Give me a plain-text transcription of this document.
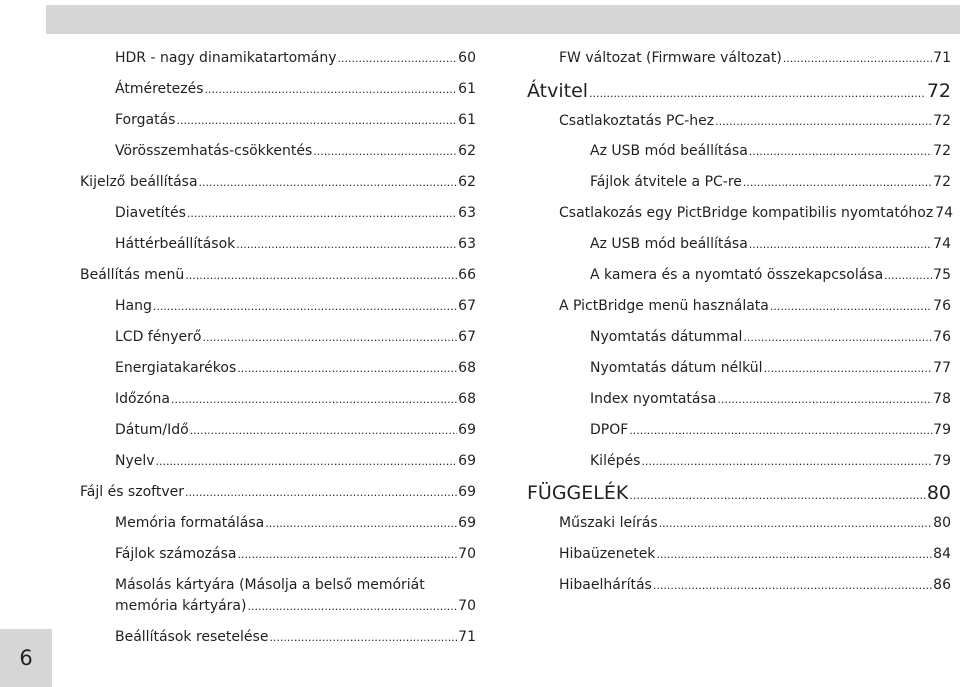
HDR - nagy dinamikatartomány .....	60
Átméretezés .....	61
Forgatás .....	61
Vörösszemhatás-csökkentés .....	62
Kijelző beállítása .....	62
Diavetítés .....	63
Háttérbeállítások .....	63
Beállítás menü .....	66
Hang .....	67
LCD fényerő .....	67
Energiatakarékos .....	68
Időzóna .....	68
Dátum/Idő .....	69
Nyelv .....	69
Fájl és szoftver .....	69
Memória formatálása .....	69
Fájlok számozása .....	70
Másolás kártyára (Másolja a belső memóriát
memória kártyára) .....	70
Beállítások resetelése .....	71
FW változat (Firmware változat) .....	71
Átvitel .....	72
Csatlakoztatás PC-hez .....	72
Az USB mód beállítása .....	72
Fájlok átvitele a PC-re .....	72
Csatlakozás egy PictBridge kompatibilis nyomtatóhoz 74
Az USB mód beállítása .....	74
A kamera és a nyomtató összekapcsolása .....	75
A PictBridge menü használata .....	76
Nyomtatás dátummal .....	76
Nyomtatás dátum nélkül .....	77
Index nyomtatása .....	78
DPOF .....	79
Kilépés .....	79
FÜGGELÉK .....	80
Műszaki leírás .....	80
Hibaüzenetek .....	84
Hibaelhárítás .....	86
6
